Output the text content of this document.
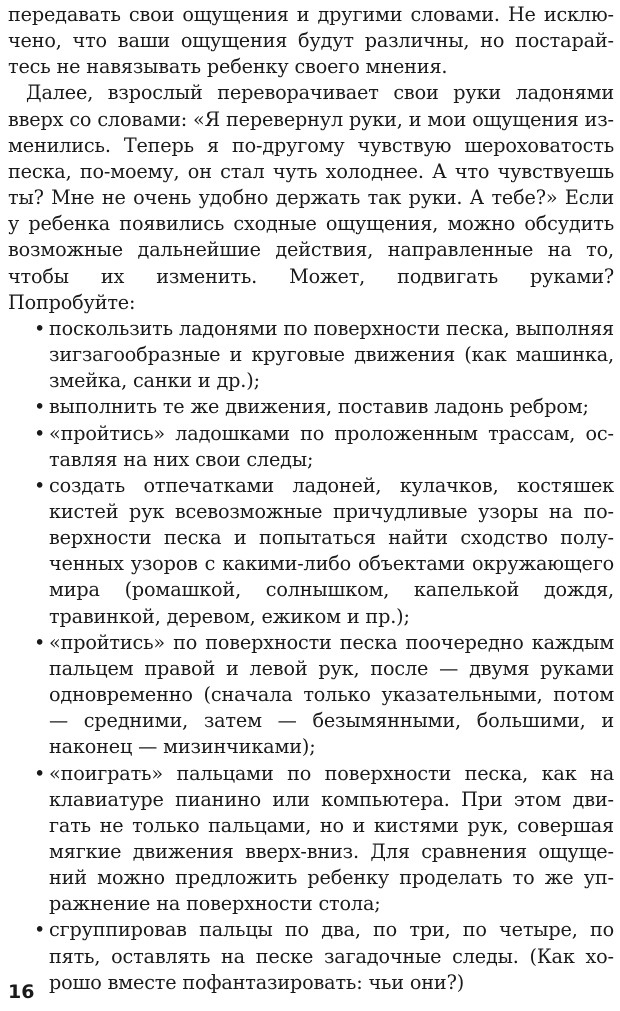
передавать свои ощущения и другими словами. Не исключено, что ваши ощущения будут различны, но постарайтесь не навязывать ребенку своего мнения.

Далее, взрослый переворачивает свои руки ладонями вверх со словами: «Я перевернул руки, и мои ощущения изменились. Теперь я по-другому чувствую шероховатость песка, по-моему, он стал чуть холоднее. А что чувствуешь ты? Мне не очень удобно держать так руки. А тебе?» Если у ребенка появились сходные ощущения, можно обсудить возможные дальнейшие действия, направленные на то, чтобы их изменить. Может, подвигать руками? Попробуйте:

• поскользить ладонями по поверхности песка, выполняя зигзагообразные и круговые движения (как машинка, змейка, санки и др.);
• выполнить те же движения, поставив ладонь ребром;
• «пройтись» ладошками по проложенным трассам, оставляя на них свои следы;
• создать отпечатками ладоней, кулачков, костяшек кистей рук всевозможные причудливые узоры на поверхности песка и попытаться найти сходство полученных узоров с какими-либо объектами окружающего мира (ромашкой, солнышком, капелькой дождя, травинкой, деревом, ежиком и пр.);
• «пройтись» по поверхности песка поочередно каждым пальцем правой и левой рук, после — двумя руками одновременно (сначала только указательными, потом — средними, затем — безымянными, большими, и наконец — мизинчиками);
• «поиграть» пальцами по поверхности песка, как на клавиатуре пианино или компьютера. При этом двигать не только пальцами, но и кистями рук, совершая мягкие движения вверх-вниз. Для сравнения ощущений можно предложить ребенку проделать то же упражнение на поверхности стола;
• сгруппировав пальцы по два, по три, по четыре, по пять, оставлять на песке загадочные следы. (Как хорошо вместе пофантазировать: чьи они?)
16
